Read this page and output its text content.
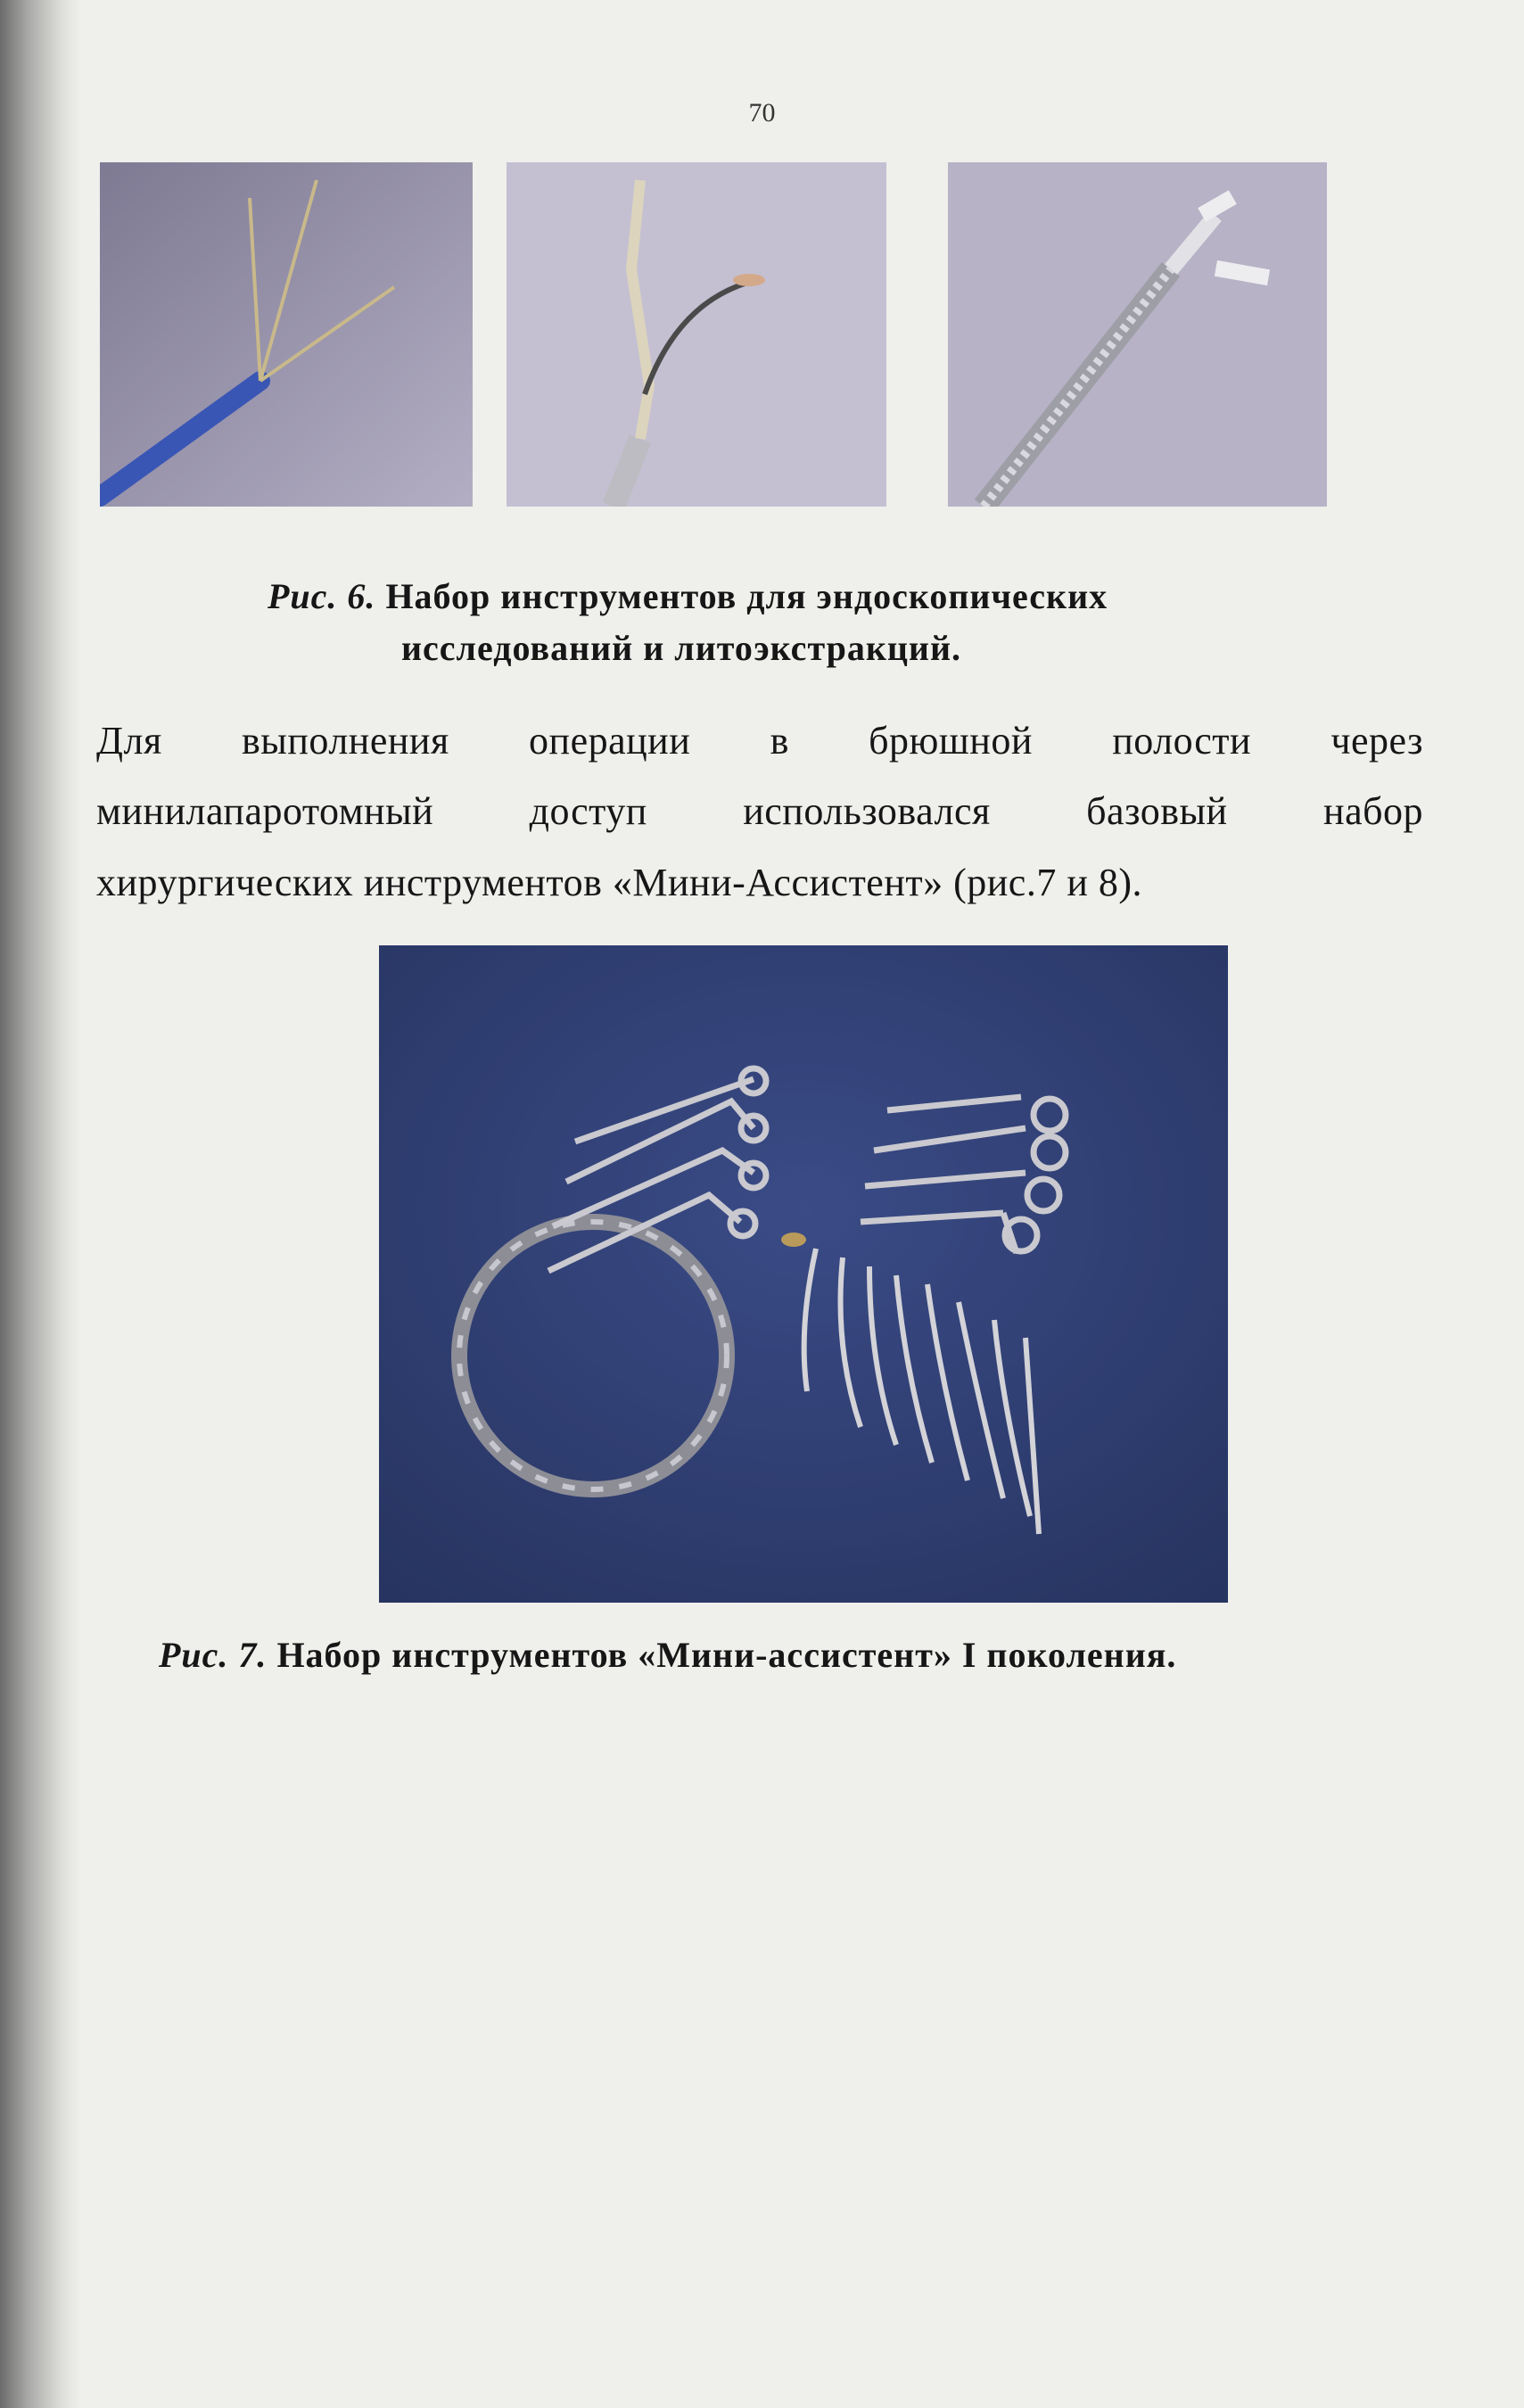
70
Рис. 6. Набор инструментов для эндоскопических
исследований и литоэкстракций.
Для выполнения операции в брюшной полости через
минилапаротомный доступ использовался базовый набор
хирургических инструментов «Мини-Ассистент» (рис.7 и 8).
Рис. 7. Набор инструментов «Мини-ассистент» I поколения.
